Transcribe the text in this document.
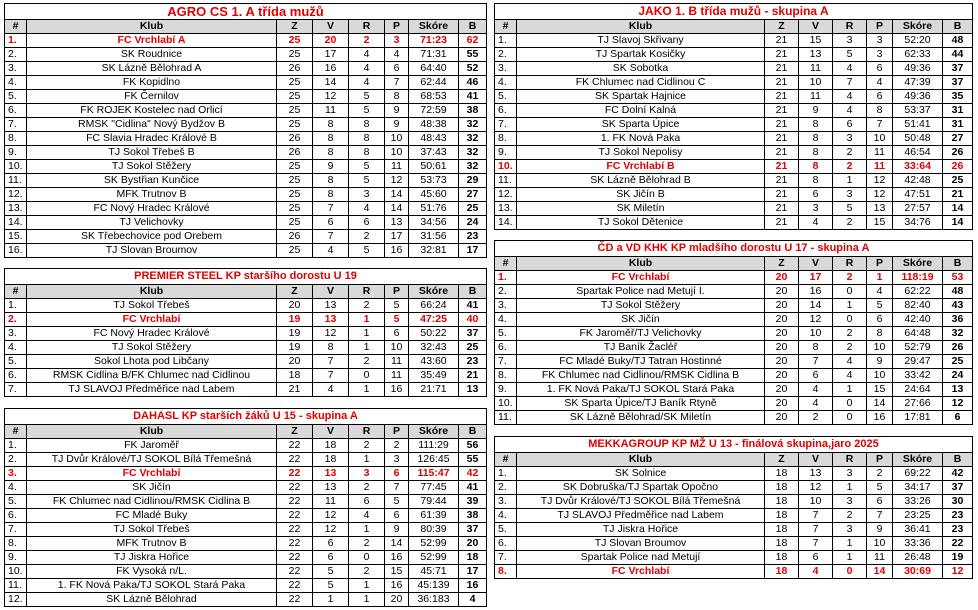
AGRO CS 1. A třída mužů
#	Klub	Z	V	R	P	Skóre	B
1.	FC Vrchlabí A	25	20	2	3	71:23	62
2.	SK Roudnice	25	17	4	4	71:31	55
3.	SK Lázně Bělohrad A	26	16	4	6	64:40	52
4.	FK Kopidlno	25	14	4	7	62:44	46
5.	FK Černilov	25	12	5	8	68:53	41
6.	FK ROJEK Kostelec nad Orlicí	25	11	5	9	72:59	38
7.	RMSK "Cidlina" Nový Bydžov B	25	8	8	9	48:38	32
8.	FC Slavia Hradec Králové B	26	8	8	10	48:43	32
9.	TJ Sokol Třebeš B	26	8	8	10	37:43	32
10.	TJ Sokol Stěžery	25	9	5	11	50:61	32
11.	SK Bystřian Kunčice	25	8	5	12	53:73	29
12.	MFK Trutnov B	25	8	3	14	45:60	27
13.	FC Nový Hradec Králové	25	7	4	14	51:76	25
14.	TJ Velichovky	25	6	6	13	34:56	24
15.	SK Třebechovice pod Orebem	26	7	2	17	31:56	23
16.	TJ Slovan Broumov	25	4	5	16	32:81	17
PREMIER STEEL KP staršího dorostu U 19
#	Klub	Z	V	R	P	Skóre	B
1.	TJ Sokol Třebeš	20	13	2	5	66:24	41
2.	FC Vrchlabí	19	13	1	5	47:25	40
3.	FC Nový Hradec Králové	19	12	1	6	50:22	37
4.	TJ Sokol Stěžery	19	8	1	10	32:43	25
5.	Sokol Lhota pod Libčany	20	7	2	11	43:60	23
6.	RMSK Cidlina B/FK Chlumec nad Cidlinou	18	7	0	11	35:49	21
7.	TJ SLAVOJ Předměřice nad Labem	21	4	1	16	21:71	13
DAHASL KP starších žáků U 15 - skupina A
#	Klub	Z	V	R	P	Skóre	B
1.	FK Jaroměř	22	18	2	2	111:29	56
2.	TJ Dvůr Králové/TJ SOKOL Bílá Třemešná	22	18	1	3	126:45	55
3.	FC Vrchlabí	22	13	3	6	115:47	42
4.	SK Jičín	22	13	2	7	77:45	41
5.	FK Chlumec nad Cidlinou/RMSK Cidlina B	22	11	6	5	79:44	39
6.	FC Mladé Buky	22	12	4	6	61:39	38
7.	TJ Sokol Třebeš	22	12	1	9	80:39	37
8.	MFK Trutnov B	22	6	2	14	52:99	20
9.	TJ Jiskra Hořice	22	6	0	16	52:99	18
10.	FK Vysoká n/L.	22	5	2	15	45:71	17
11.	1. FK Nová Paka/TJ SOKOL Stará Paka	22	5	1	16	45:139	16
12.	SK Lázně Bělohrad	22	1	1	20	36:183	4
JAKO 1. B třída mužů - skupina A
#	Klub	Z	V	R	P	Skóre	B
1.	TJ Slavoj Skřivany	21	15	3	3	52:20	48
2.	TJ Spartak Kosičky	21	13	5	3	62:33	44
3.	SK Sobotka	21	11	4	6	49:36	37
4.	FK Chlumec nad Cidlinou C	21	10	7	4	47:39	37
5.	SK Spartak Hajnice	21	11	4	6	49:36	35
6.	FC Dolní Kalná	21	9	4	8	53:37	31
7.	SK Sparta Úpice	21	8	6	7	51:41	31
8.	1. FK Nová Paka	21	8	3	10	50:48	27
9.	TJ Sokol Nepolisy	21	8	2	11	46:54	26
10.	FC Vrchlabí B	21	8	2	11	33:64	26
11.	SK Lázně Bělohrad B	21	8	1	12	42:48	25
12.	SK Jičín B	21	6	3	12	47:51	21
13.	SK Miletín	21	3	5	13	27:57	14
14.	TJ Sokol Dětenice	21	4	2	15	34:76	14
ČD a VD KHK KP mladšího dorostu U 17 - skupina A
#	Klub	Z	V	R	P	Skóre	B
1.	FC Vrchlabí	20	17	2	1	118:19	53
2.	Spartak Police nad Metují I.	20	16	0	4	62:22	48
3.	TJ Sokol Stěžery	20	14	1	5	82:40	43
4.	SK Jičín	20	12	0	6	42:40	36
5.	FK Jaroměř/TJ Velichovky	20	10	2	8	64:48	32
6.	TJ Baník Žacléř	20	8	2	10	52:79	26
7.	FC Mladé Buky/TJ Tatran Hostinné	20	7	4	9	29:47	25
8.	FK Chlumec nad Cidlinou/RMSK Cidlina B	20	6	4	10	33:42	24
9.	1. FK Nová Paka/TJ SOKOL Stará Paka	20	4	1	15	24:64	13
10.	SK Sparta Úpice/TJ Baník Rtyně	20	4	0	14	27:66	12
11.	SK Lázně Bělohrad/SK Miletín	20	2	0	16	17:81	6
MEKKAGROUP KP MŽ U 13 - finálová skupina,jaro 2025
#	Klub	Z	V	R	P	Skóre	B
1.	SK Solnice	18	13	3	2	69:22	42
2.	SK Dobruška/TJ Spartak Opočno	18	12	1	5	34:17	37
3.	TJ Dvůr Králové/TJ SOKOL Bílá Třemešná	18	10	3	6	33:26	30
4.	TJ SLAVOJ Předměřice nad Labem	18	7	2	7	23:25	23
5.	TJ Jiskra Hořice	18	7	3	9	36:41	23
6.	TJ Slovan Broumov	18	7	1	10	33:36	22
7.	Spartak Police nad Metují	18	6	1	11	26:48	19
8.	FC Vrchlabí	18	4	0	14	30:69	12
